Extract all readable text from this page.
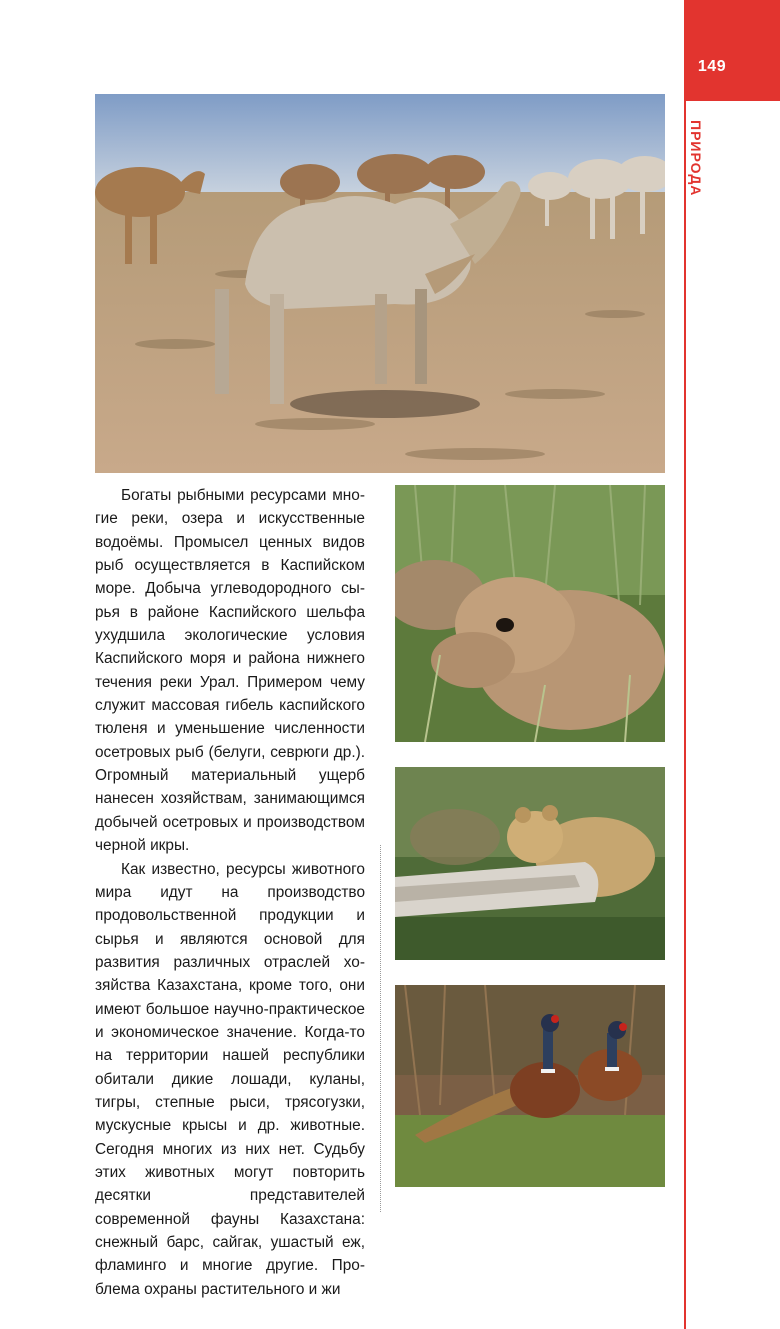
149
ПРИРОДА

Богаты рыбными ресурсами многие реки, озера и искусственные водоёмы. Промысел ценных видов рыб осуществляется в Каспийском море. Добыча углеводородного сырья в районе Каспийского шельфа ухудшила экологические условия Каспийского моря и района нижнего течения реки Урал. Примером чему служит массовая гибель каспийского тюленя и уменьшение численности осетровых рыб (белуги, севрюги др.). Огромный материальный ущерб нанесен хозяйствам, занимающимся добычей осетровых и производством черной икры.

Как известно, ресурсы животного мира идут на производство продовольственной продукции и сырья и являются основой для развития различных отраслей хозяйства Казахстана, кроме того, они имеют большое научно-практическое и экономическое значение. Когда-то на территории нашей республики обитали дикие лошади, куланы, тигры, степные рыси, трясогузки, мускусные крысы и др. животные. Сегодня многих из них нет. Судьбу этих животных могут повторить десятки представителей современной фауны Казахстана: снежный барс, сайгак, ушастый еж, фламинго и многие другие. Проблема охраны растительного и жи
